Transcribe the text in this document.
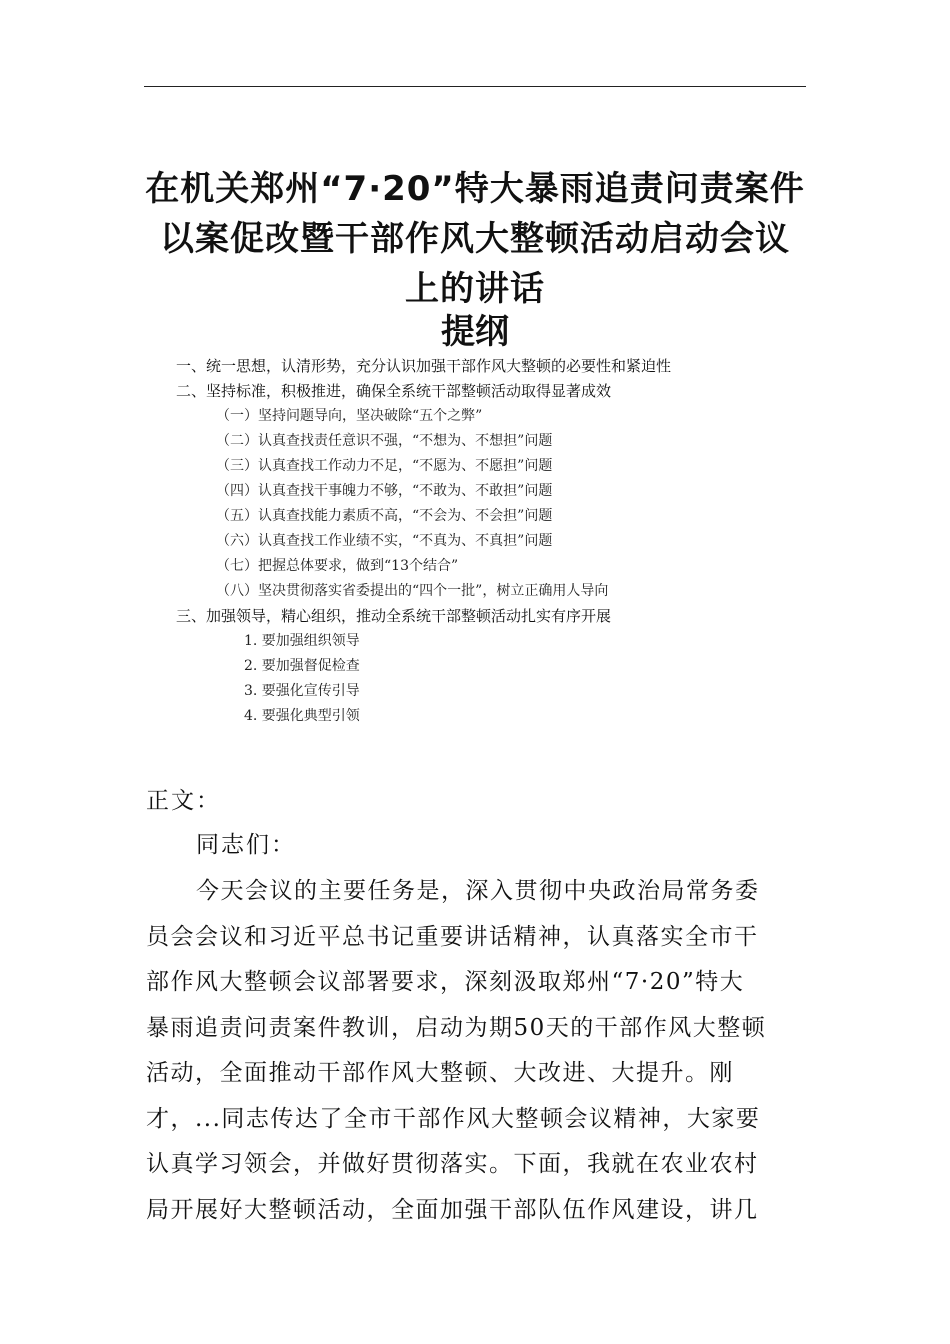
在机关郑州“7·20”特大暴雨追责问责案件
以案促改暨干部作风大整顿活动启动会议
上的讲话
提纲
一、统一思想，认清形势，充分认识加强干部作风大整顿的必要性和紧迫性
二、坚持标准，积极推进，确保全系统干部整顿活动取得显著成效
（一）坚持问题导向，坚决破除“五个之弊”
（二）认真查找责任意识不强，“不想为、不想担”问题
（三）认真查找工作动力不足，“不愿为、不愿担”问题
（四）认真查找干事魄力不够，“不敢为、不敢担”问题
（五）认真查找能力素质不高，“不会为、不会担”问题
（六）认真查找工作业绩不实，“不真为、不真担”问题
（七）把握总体要求，做到“13个结合”
（八）坚决贯彻落实省委提出的“四个一批”，树立正确用人导向
三、加强领导，精心组织，推动全系统干部整顿活动扎实有序开展
1. 要加强组织领导
2. 要加强督促检查
3. 要强化宣传引导
4. 要强化典型引领
正文：
同志们：
今天会议的主要任务是，深入贯彻中央政治局常务委
员会会议和习近平总书记重要讲话精神，认真落实全市干
部作风大整顿会议部署要求，深刻汲取郑州“7·20”特大
暴雨追责问责案件教训，启动为期50天的干部作风大整顿
活动，全面推动干部作风大整顿、大改进、大提升。刚
才，...同志传达了全市干部作风大整顿会议精神，大家要
认真学习领会，并做好贯彻落实。下面，我就在农业农村
局开展好大整顿活动，全面加强干部队伍作风建设，讲几
